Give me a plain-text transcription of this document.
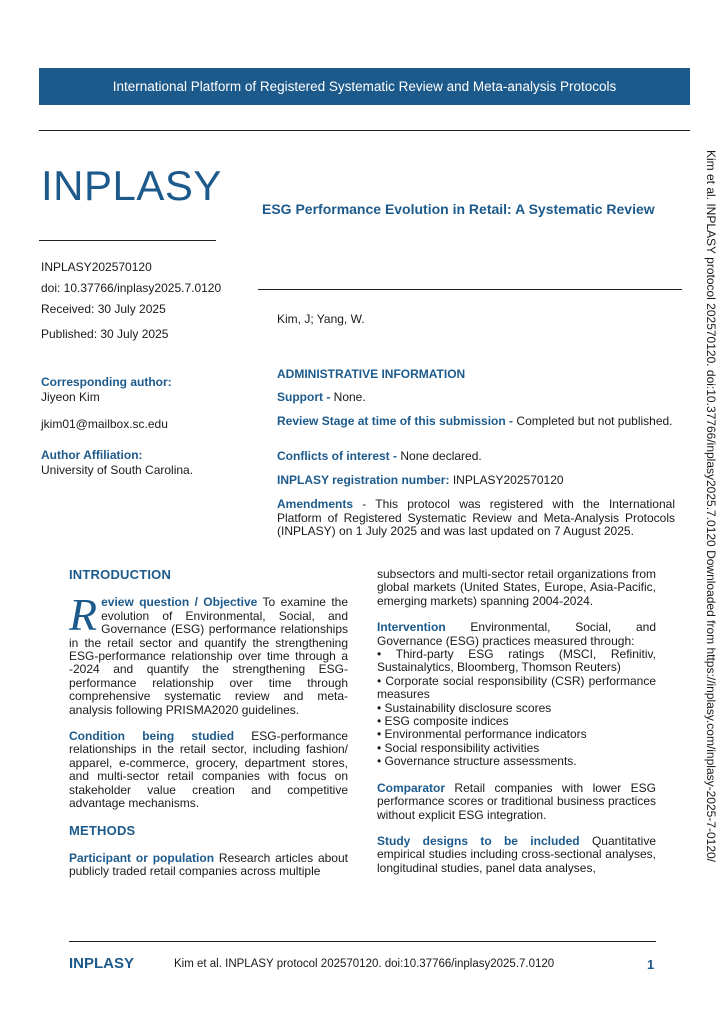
International Platform of Registered Systematic Review and Meta-analysis Protocols
INPLASY	ESG Performance Evolution in Retail: A Systematic Review
INPLASY202570120
doi: 10.37766/inplasy2025.7.0120
Received: 30 July 2025
Published: 30 July 2025
Kim, J; Yang, W.
Corresponding author:
Jiyeon Kim
jkim01@mailbox.sc.edu
Author Affiliation:
University of South Carolina.
ADMINISTRATIVE INFORMATION
Support - None.
Review Stage at time of this submission - Completed but not published.
Conflicts of interest - None declared.
INPLASY registration number: INPLASY202570120
Amendments - This protocol was registered with the International Platform of Registered Systematic Review and Meta-Analysis Protocols (INPLASY) on 1 July 2025 and was last updated on 7 August 2025.
INTRODUCTION

Review question / Objective To examine the evolution of Environmental, Social, and Governance (ESG) performance relationships in the retail sector and quantify the strengthening ESG-performance relationship over time through a -2024 and quantify the strengthening ESG-performance relationship over time through comprehensive systematic review and meta-analysis following PRISMA2020 guidelines.

Condition being studied ESG-performance relationships in the retail sector, including fashion/ apparel, e-commerce, grocery, department stores, and multi-sector retail companies with focus on stakeholder value creation and competitive advantage mechanisms.

METHODS

Participant or population Research articles about publicly traded retail companies across multiple

subsectors and multi-sector retail organizations from global markets (United States, Europe, Asia-Pacific, emerging markets) spanning 2004-2024.

Intervention Environmental, Social, and Governance (ESG) practices measured through:
• Third-party ESG ratings (MSCI, Refinitiv, Sustainalytics, Bloomberg, Thomson Reuters)
• Corporate social responsibility (CSR) performance measures
• Sustainability disclosure scores
• ESG composite indices
• Environmental performance indicators
• Social responsibility activities
• Governance structure assessments.

Comparator Retail companies with lower ESG performance scores or traditional business practices without explicit ESG integration.

Study designs to be included Quantitative empirical studies including cross-sectional analyses, longitudinal studies, panel data analyses,

Kim et al. INPLASY protocol 202570120. doi:10.37766/inplasy2025.7.0120 Downloaded from https://inplasy.com/inplasy-2025-7-0120/
INPLASY	Kim et al. INPLASY protocol 202570120. doi:10.37766/inplasy2025.7.0120	1
